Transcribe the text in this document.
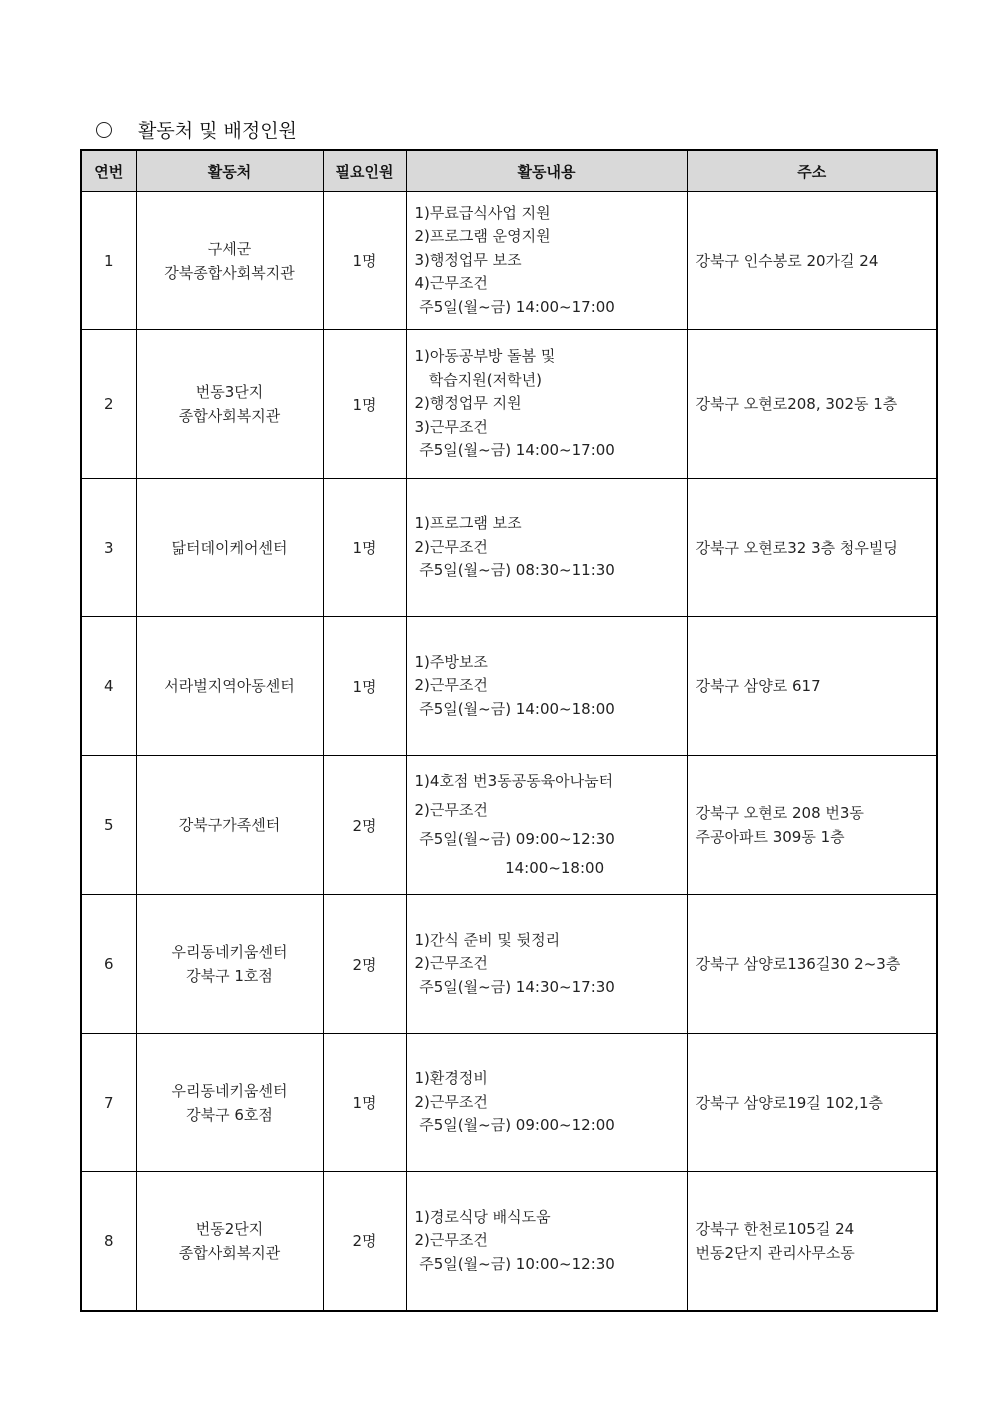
활동처 및 배정인원
연번	활동처	필요인원	활동내용	주소
1	구세군
강북종합사회복지관	1명	1)무료급식사업 지원
2)프로그램 운영지원
3)행정업무 보조
4)근무조건
주5일(월~금) 14:00~17:00	강북구 인수봉로 20가길 24

2	번동3단지
종합사회복지관	1명	1)아동공부방 돌봄 및
학습지원(저학년)
2)행정업무 지원
3)근무조건
주5일(월~금) 14:00~17:00	강북구 오현로208, 302동 1층

3	닮터데이케어센터	1명	1)프로그램 보조
2)근무조건
주5일(월~금) 08:30~11:30	강북구 오현로32 3층 청우빌딩

4	서라벌지역아동센터	1명	1)주방보조
2)근무조건
주5일(월~금) 14:00~18:00	강북구 삼양로 617

5	강북구가족센터	2명	1)4호점 번3동공동육아나눔터
2)근무조건
주5일(월~금) 09:00~12:30
14:00~18:00	강북구 오현로 208 번3동
주공아파트 309동 1층

6	우리동네키움센터
강북구 1호점	2명	1)간식 준비 및 뒷정리
2)근무조건
주5일(월~금) 14:30~17:30	강북구 삼양로136길30 2~3층

7	우리동네키움센터
강북구 6호점	1명	1)환경정비
2)근무조건
주5일(월~금) 09:00~12:00	강북구 삼양로19길 102,1층

8	번동2단지
종합사회복지관	2명	1)경로식당 배식도움
2)근무조건
주5일(월~금) 10:00~12:30	강북구 한천로105길 24
번동2단지 관리사무소동
